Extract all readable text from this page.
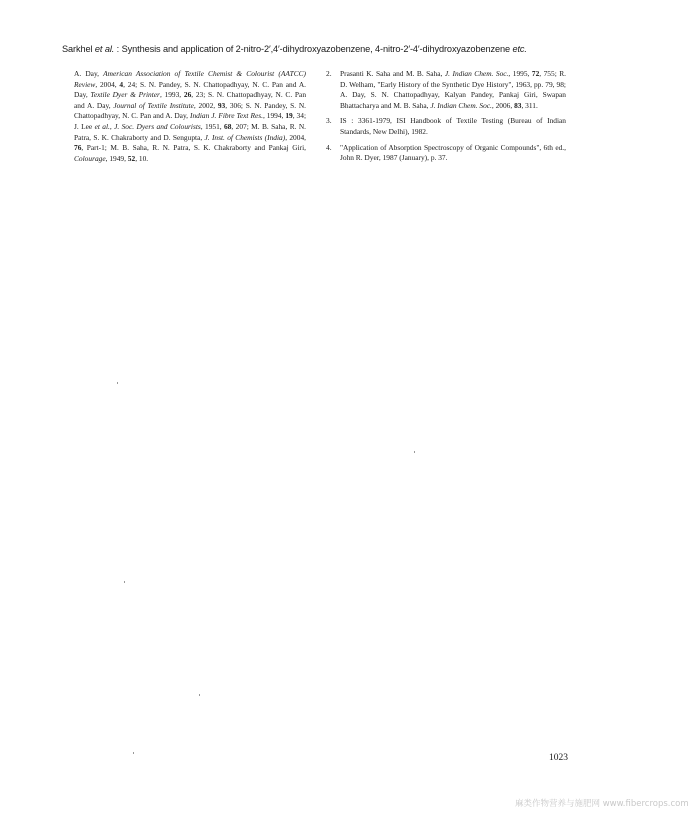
Sarkhel et al. : Synthesis and application of 2-nitro-2′,4′-dihydroxyazobenzene, 4-nitro-2′-4′-dihydroxyazobenzene etc.

A. Day, American Association of Textile Chemist & Colourist (AATCC) Review, 2004, 4, 24; S. N. Pandey, S. N. Chattopadhyay, N. C. Pan and A. Day, Textile Dyer & Printer, 1993, 26, 23; S. N. Chattopadhyay, N. C. Pan and A. Day, Journal of Textile Institute, 2002, 93, 306; S. N. Pandey, S. N. Chattopadhyay, N. C. Pan and A. Day, Indian J. Fibre Text Res., 1994, 19, 34; J. Lee et al., J. Soc. Dyers and Colourists, 1951, 68, 207; M. B. Saha, R. N. Patra, S. K. Chakraborty and D. Sengupta, J. Inst. of Chemists (India), 2004, 76, Part-1; M. B. Saha, R. N. Patra, S. K. Chakraborty and Pankaj Giri, Colourage, 1949, 52, 10.

2.	Prasanti K. Saha and M. B. Saha, J. Indian Chem. Soc., 1995, 72, 755; R. D. Welham, "Early History of the Synthetic Dye History", 1963, pp. 79, 98; A. Day, S. N. Chattopadhyay, Kalyan Pandey, Pankaj Giri, Swapan Bhattacharya and M. B. Saha, J. Indian Chem. Soc., 2006, 83, 311.
3.	IS : 3361-1979, ISI Handbook of Textile Testing (Bureau of Indian Standards, New Delhi), 1982.
4.	"Application of Absorption Spectroscopy of Organic Compounds", 6th ed., John R. Dyer, 1987 (January), p. 37.
1023
麻类作物营养与施肥网 www.fibercrops.com
